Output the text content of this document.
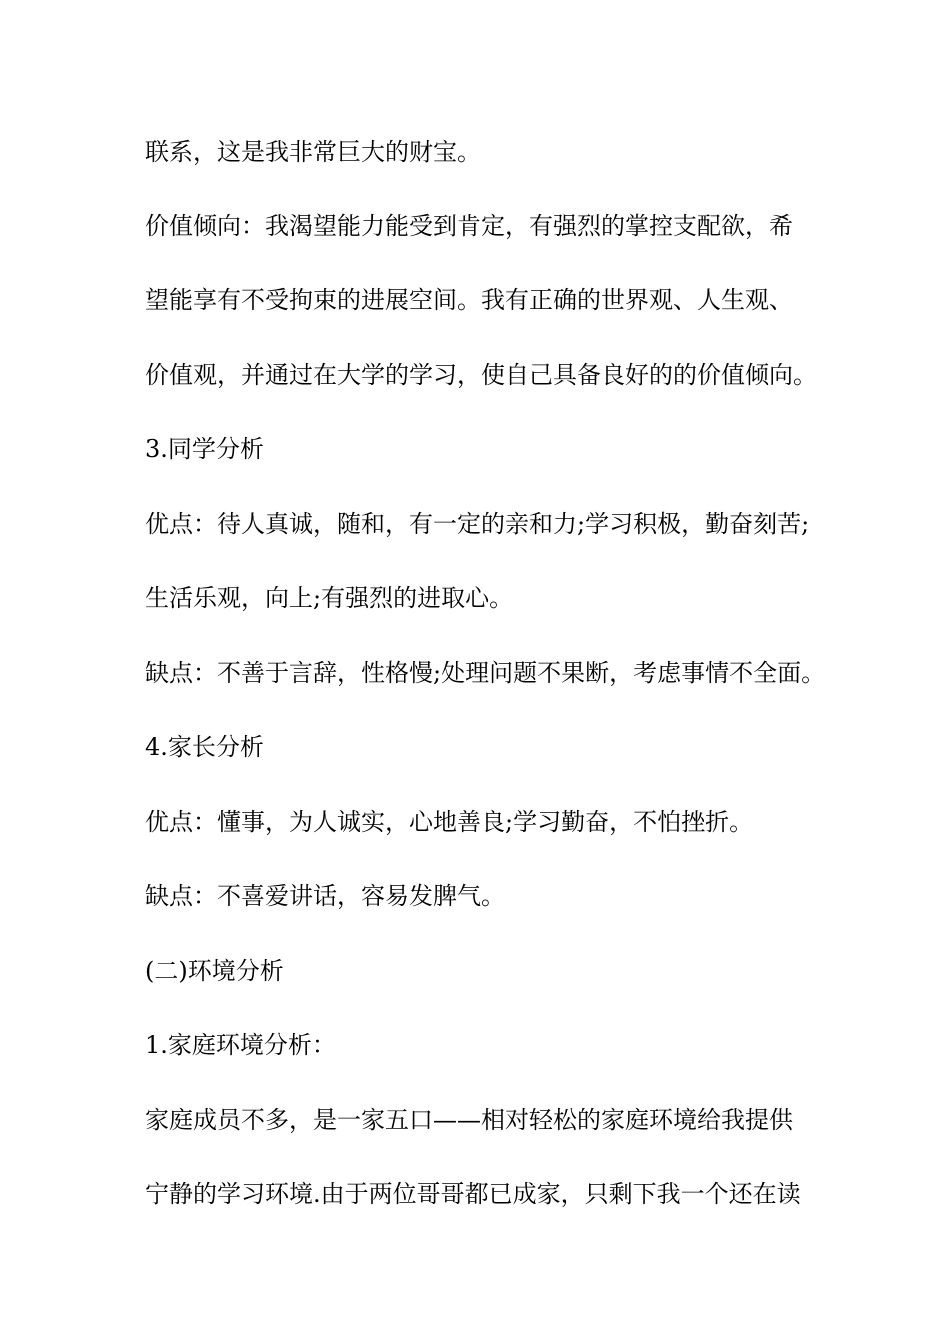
联系，这是我非常巨大的财宝。

价值倾向：我渴望能力能受到肯定，有强烈的掌控支配欲，希

望能享有不受拘束的进展空间。我有正确的世界观、人生观、

价值观，并通过在大学的学习，使自己具备良好的的价值倾向。

3.同学分析

优点：待人真诚，随和，有一定的亲和力;学习积极，勤奋刻苦;

生活乐观，向上;有强烈的进取心。

缺点：不善于言辞，性格慢;处理问题不果断，考虑事情不全面。

4.家长分析

优点：懂事，为人诚实，心地善良;学习勤奋，不怕挫折。

缺点：不喜爱讲话，容易发脾气。

(二)环境分析

1.家庭环境分析：

家庭成员不多，是一家五口——相对轻松的家庭环境给我提供

宁静的学习环境.由于两位哥哥都已成家，只剩下我一个还在读
